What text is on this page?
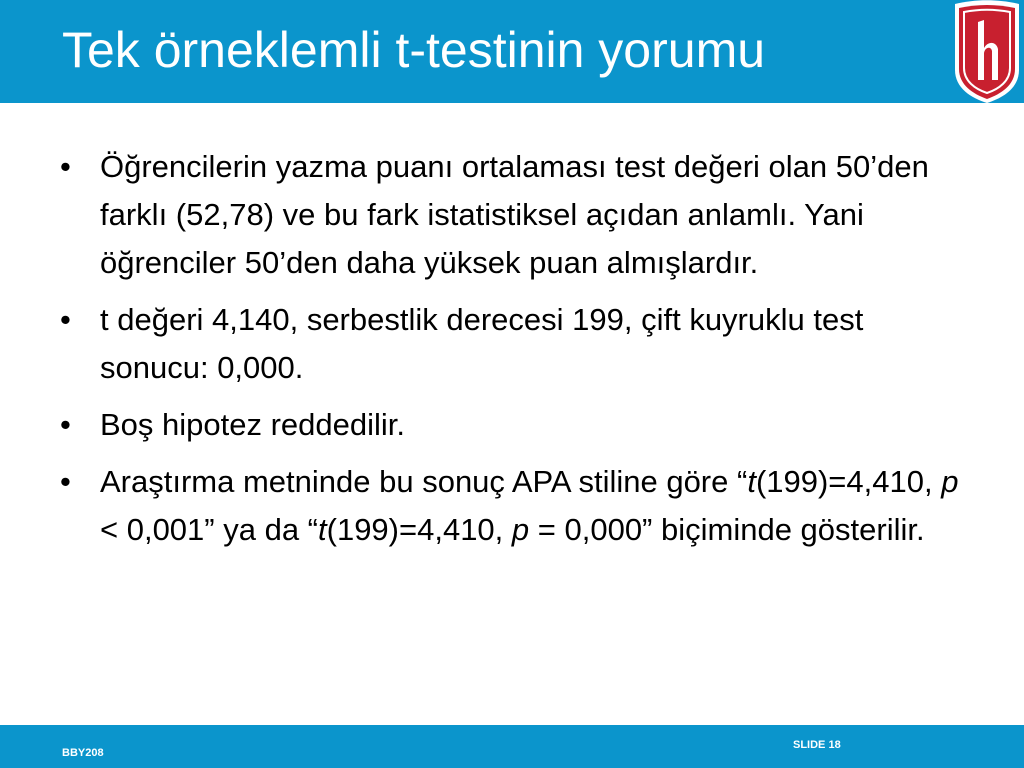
Tek örneklemli t-testinin yorumu
• Öğrencilerin yazma puanı ortalaması test değeri olan 50’den farklı (52,78) ve bu fark istatistiksel açıdan anlamlı. Yani öğrenciler 50’den daha yüksek puan almışlardır.
• t değeri 4,140, serbestlik derecesi 199, çift kuyruklu test sonucu: 0,000.
• Boş hipotez reddedilir.
• Araştırma metninde bu sonuç APA stiline göre “t(199)=4,410, p < 0,001” ya da “t(199)=4,410, p = 0,000” biçiminde gösterilir.
BBY208
SLIDE 18
